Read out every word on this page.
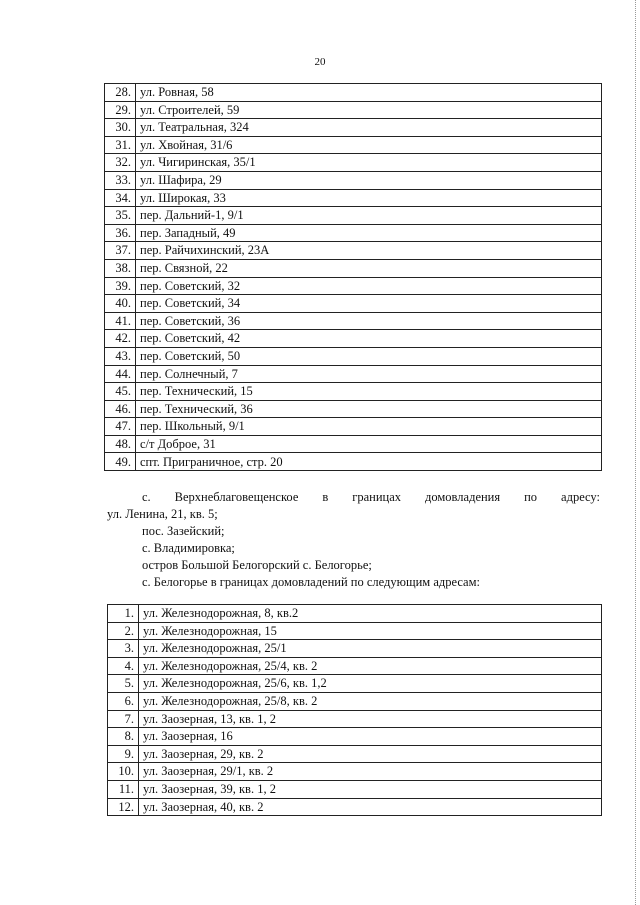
20
28.	ул. Ровная, 58
29.	ул. Строителей, 59
30.	ул. Театральная, 324
31.	ул. Хвойная, 31/6
32.	ул. Чигиринская, 35/1
33.	ул. Шафира, 29
34.	ул. Широкая, 33
35.	пер. Дальний-1, 9/1
36.	пер. Западный, 49
37.	пер. Райчихинский, 23А
38.	пер. Связной, 22
39.	пер. Советский, 32
40.	пер. Советский, 34
41.	пер. Советский, 36
42.	пер. Советский, 42
43.	пер. Советский, 50
44.	пер. Солнечный, 7
45.	пер. Технический, 15
46.	пер. Технический, 36
47.	пер. Школьный, 9/1
48.	с/т Доброе, 31
49.	спт. Приграничное, стр. 20
с. Верхнеблаговещенское в границах домовладения по адресу:
ул. Ленина, 21, кв. 5;
пос. Зазейский;
с. Владимировка;
остров Большой Белогорский с. Белогорье;
с. Белогорье в границах домовладений по следующим адресам:
1.	ул. Железнодорожная, 8, кв.2
2.	ул. Железнодорожная, 15
3.	ул. Железнодорожная, 25/1
4.	ул. Железнодорожная, 25/4, кв. 2
5.	ул. Железнодорожная, 25/6, кв. 1,2
6.	ул. Железнодорожная, 25/8, кв. 2
7.	ул. Заозерная, 13, кв. 1, 2
8.	ул. Заозерная, 16
9.	ул. Заозерная, 29, кв. 2
10.	ул. Заозерная, 29/1, кв. 2
11.	ул. Заозерная, 39, кв. 1, 2
12.	ул. Заозерная, 40, кв. 2
